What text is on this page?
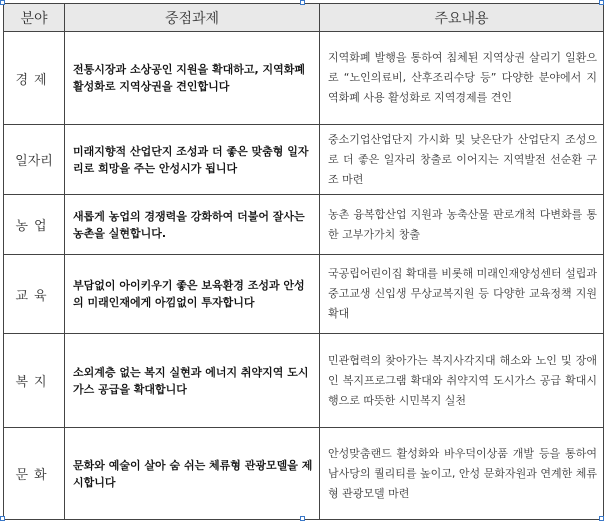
분야	중점과제	주요내용
경제	전통시장과 소상공인 지원을 확대하고, 지역화폐 활성화로 지역상권을 견인합니다	지역화폐 발행을 통하여 침체된 지역상권 살리기 일환으로 “노인의료비, 산후조리수당 등” 다양한 분야에서 지역화폐 사용 활성화로 지역경제를 견인
일자리	미래지향적 산업단지 조성과 더 좋은 맞춤형 일자리로 희망을 주는 안성시가 됩니다	중소기업산업단지 가시화 및 낮은단가 산업단지 조성으로 더 좋은 일자리 창출로 이어지는 지역발전 선순환 구조 마련
농업	새롭게 농업의 경쟁력을 강화하여 더불어 잘사는 농촌을 실현합니다.	농촌 융복합산업 지원과 농축산물 판로개척 다변화를 통한 고부가가치 창출
교육	부담없이 아이키우기 좋은 보육환경 조성과 안성의 미래인재에게 아낌없이 투자합니다	국공립어린이집 확대를 비롯해 미래인재양성센터 설립과 중고교생 신입생 무상교복지원 등 다양한 교육정책 지원 확대
복지	소외계층 없는 복지 실현과 에너지 취약지역 도시가스 공급을 확대합니다	민관협력의 찾아가는 복지사각지대 해소와 노인 및 장애인 복지프로그램 확대와 취약지역 도시가스 공급 확대시행으로 따뜻한 시민복지 실천
문화	문화와 예술이 살아 숨 쉬는 체류형 관광모델을 제시합니다	안성맞춤랜드 활성화와 바우덕이상품 개발 등을 통하여 남사당의 퀄리티를 높이고, 안성 문화자원과 연계한 체류형 관광모델 마련
